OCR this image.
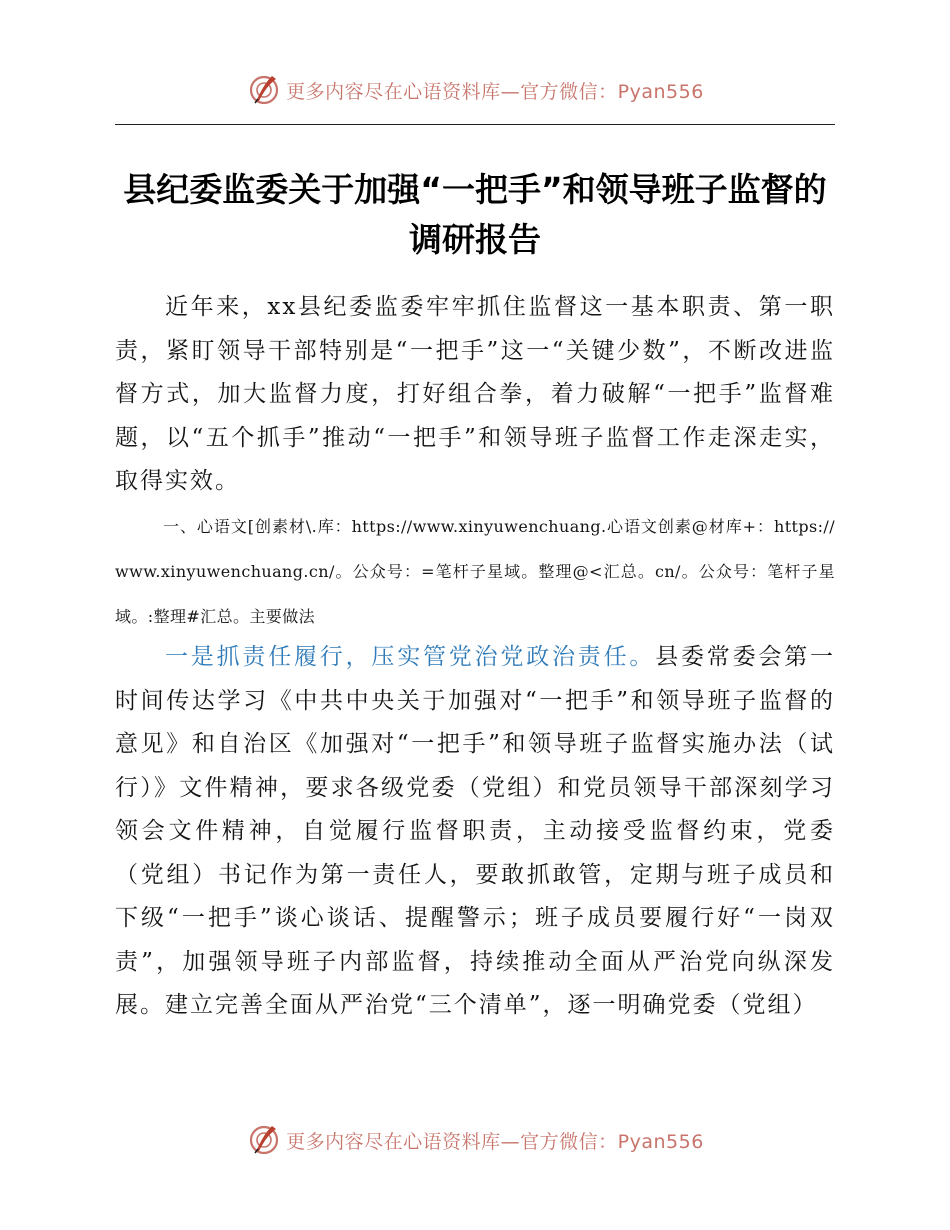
更多内容尽在心语资料库—官方微信：Pyan556
县纪委监委关于加强“一把手”和领导班子监督的调研报告

近年来，xx县纪委监委牢牢抓住监督这一基本职责、第一职责，紧盯领导干部特别是“一把手”这一“关键少数”，不断改进监督方式，加大监督力度，打好组合拳，着力破解“一把手”监督难题，以“五个抓手”推动“一把手”和领导班子监督工作走深走实，取得实效。

一、心语文[创素材\.库：https://www.xinyuwenchuang.心语文创素@材库+：https://www.xinyuwenchuang.cn/。公众号：=笔杆子星域。整理@<汇总。cn/。公众号：笔杆子星域。:整理#汇总。主要做法

一是抓责任履行，压实管党治党政治责任。县委常委会第一时间传达学习《中共中央关于加强对“一把手”和领导班子监督的意见》和自治区《加强对“一把手”和领导班子监督实施办法（试行）》文件精神，要求各级党委（党组）和党员领导干部深刻学习领会文件精神，自觉履行监督职责，主动接受监督约束，党委（党组）书记作为第一责任人，要敢抓敢管，定期与班子成员和下级“一把手”谈心谈话、提醒警示；班子成员要履行好“一岗双责”，加强领导班子内部监督，持续推动全面从严治党向纵深发展。建立完善全面从严治党“三个清单”，逐一明确党委（党组）

更多内容尽在心语资料库—官方微信：Pyan556
